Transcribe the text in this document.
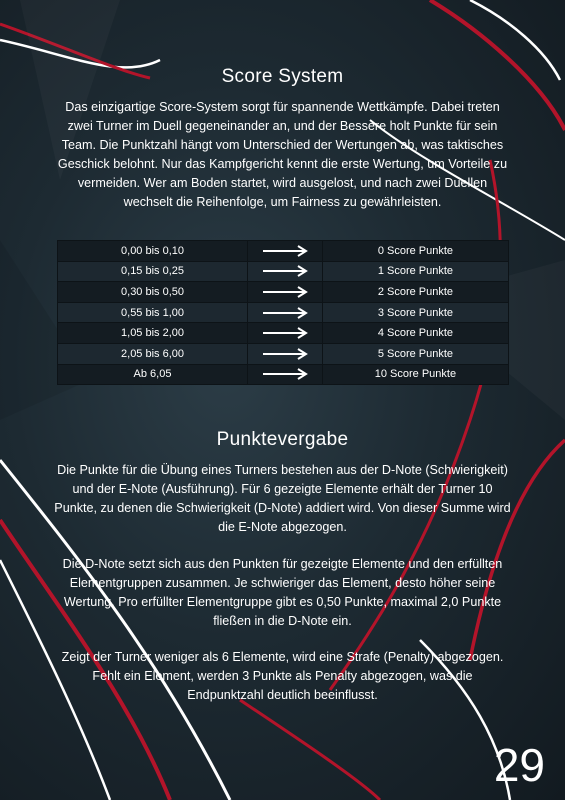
Score System

Das einzigartige Score-System sorgt für spannende Wettkämpfe. Dabei treten zwei Turner im Duell gegeneinander an, und der Bessere holt Punkte für sein Team. Die Punktzahl hängt vom Unterschied der Wertungen ab, was taktisches Geschick belohnt. Nur das Kampfgericht kennt die erste Wertung, um Vorteile zu vermeiden. Wer am Boden startet, wird ausgelost, und nach zwei Duellen wechselt die Reihenfolge, um Fairness zu gewährleisten.

0,00 bis 0,10		0 Score Punkte
0,15 bis 0,25		1 Score Punkte
0,30 bis 0,50		2 Score Punkte
0,55 bis 1,00		3 Score Punkte
1,05 bis 2,00		4 Score Punkte
2,05 bis 6,00		5 Score Punkte
Ab 6,05		10 Score Punkte
Punktevergabe

Die Punkte für die Übung eines Turners bestehen aus der D-Note (Schwierigkeit) und der E-Note (Ausführung). Für 6 gezeigte Elemente erhält der Turner 10 Punkte, zu denen die Schwierigkeit (D-Note) addiert wird. Von dieser Summe wird die E-Note abgezogen.

Die D-Note setzt sich aus den Punkten für gezeigte Elemente und den erfüllten Elementgruppen zusammen. Je schwieriger das Element, desto höher seine Wertung. Pro erfüllter Elementgruppe gibt es 0,50 Punkte, maximal 2,0 Punkte fließen in die D-Note ein.

Zeigt der Turner weniger als 6 Elemente, wird eine Strafe (Penalty) abgezogen. Fehlt ein Element, werden 3 Punkte als Penalty abgezogen, was die Endpunktzahl deutlich beeinflusst.

29
